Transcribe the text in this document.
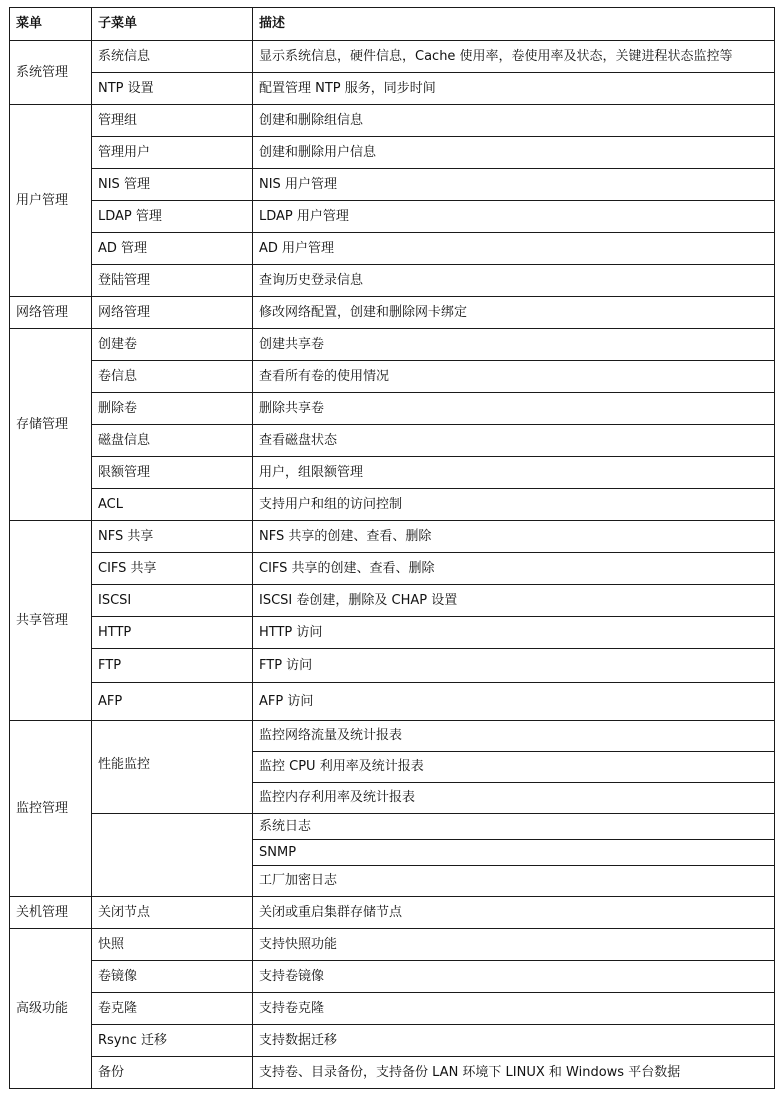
菜单	子菜单	描述
系统管理	系统信息	显示系统信息，硬件信息，Cache 使用率，卷使用率及状态，关键进程状态监控等
	NTP 设置	配置管理 NTP 服务，同步时间
用户管理	管理组	创建和删除组信息
	管理用户	创建和删除用户信息
	NIS 管理	NIS 用户管理
	LDAP 管理	LDAP 用户管理
	AD 管理	AD 用户管理
	登陆管理	查询历史登录信息
网络管理	网络管理	修改网络配置，创建和删除网卡绑定
存储管理	创建卷	创建共享卷
	卷信息	查看所有卷的使用情况
	删除卷	删除共享卷
	磁盘信息	查看磁盘状态
	限额管理	用户，组限额管理
	ACL	支持用户和组的访问控制
共享管理	NFS 共享	NFS 共享的创建、查看、删除
	CIFS 共享	CIFS 共享的创建、查看、删除
	ISCSI	ISCSI 卷创建，删除及 CHAP 设置
	HTTP	HTTP 访问
	FTP	FTP 访问
	AFP	AFP 访问
监控管理	性能监控	监控网络流量及统计报表
		监控 CPU 利用率及统计报表
		监控内存利用率及统计报表
		系统日志
		SNMP
		工厂加密日志
关机管理	关闭节点	关闭或重启集群存储节点
高级功能	快照	支持快照功能
	卷镜像	支持卷镜像
	卷克隆	支持卷克隆
	Rsync 迁移	支持数据迁移
	备份	支持卷、目录备份，支持备份 LAN 环境下 LINUX 和 Windows 平台数据
